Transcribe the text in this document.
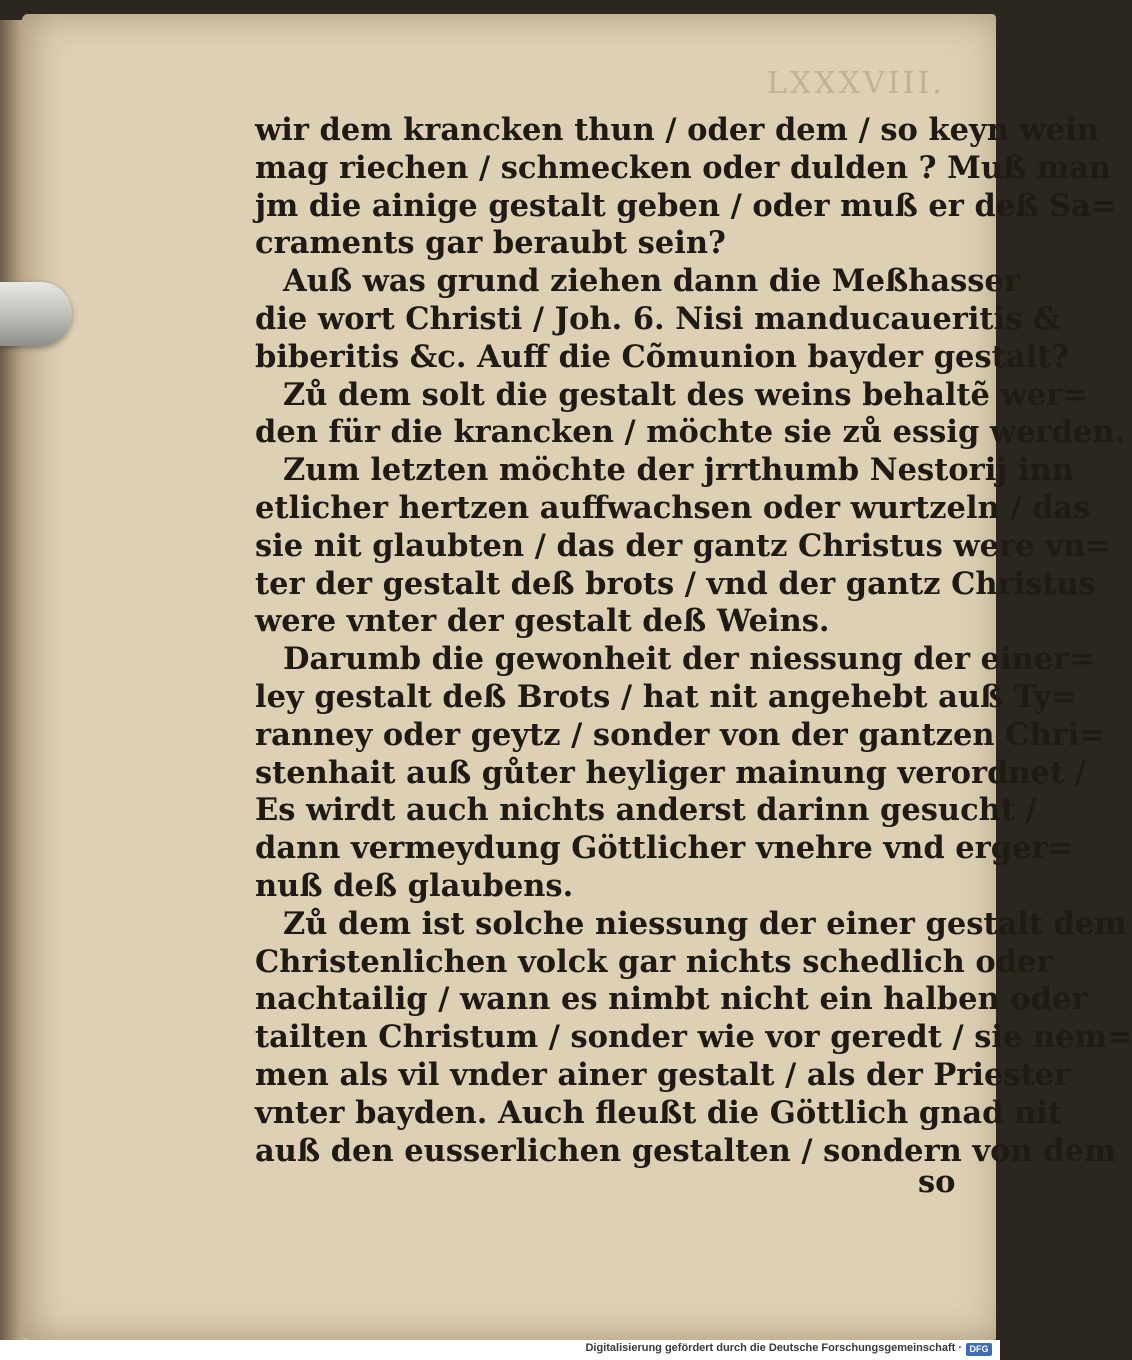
LXXXVIII.
wir dem krancken thun / oder dem / so keyn wein
mag riechen / schmecken oder dulden ? Muß man
jm die ainige gestalt geben / oder muß er deß Sa=
craments gar beraubt sein?
Auß was grund ziehen dann die Meßhasser
die wort Christi / Joh. 6. Nisi manducaueritis &
biberitis &c. Auff die Cõmunion bayder gestalt?
Zů dem solt die gestalt des weins behaltẽ wer=
den für die krancken / möchte sie zů essig werden.
Zum letzten möchte der jrrthumb Nestorij inn
etlicher hertzen auffwachsen oder wurtzeln / das
sie nit glaubten / das der gantz Christus were vn=
ter der gestalt deß brots / vnd der gantz Christus
were vnter der gestalt deß Weins.
Darumb die gewonheit der niessung der einer=
ley gestalt deß Brots / hat nit angehebt auß Ty=
ranney oder geytz / sonder von der gantzen Chri=
stenhait auß gůter heyliger mainung verordnet /
Es wirdt auch nichts anderst darinn gesucht /
dann vermeydung Göttlicher vnehre vnd erger=
nuß deß glaubens.
Zů dem ist solche niessung der einer gestalt dem
Christenlichen volck gar nichts schedlich oder
nachtailig / wann es nimbt nicht ein halben oder
tailten Christum / sonder wie vor geredt / sie nem=
men als vil vnder ainer gestalt / als der Priester
vnter bayden. Auch fleußt die Göttlich gnad nit
auß den eusserlichen gestalten / sondern von dem
so
Digitalisierung gefördert durch die Deutsche Forschungsgemeinschaft · DFG
